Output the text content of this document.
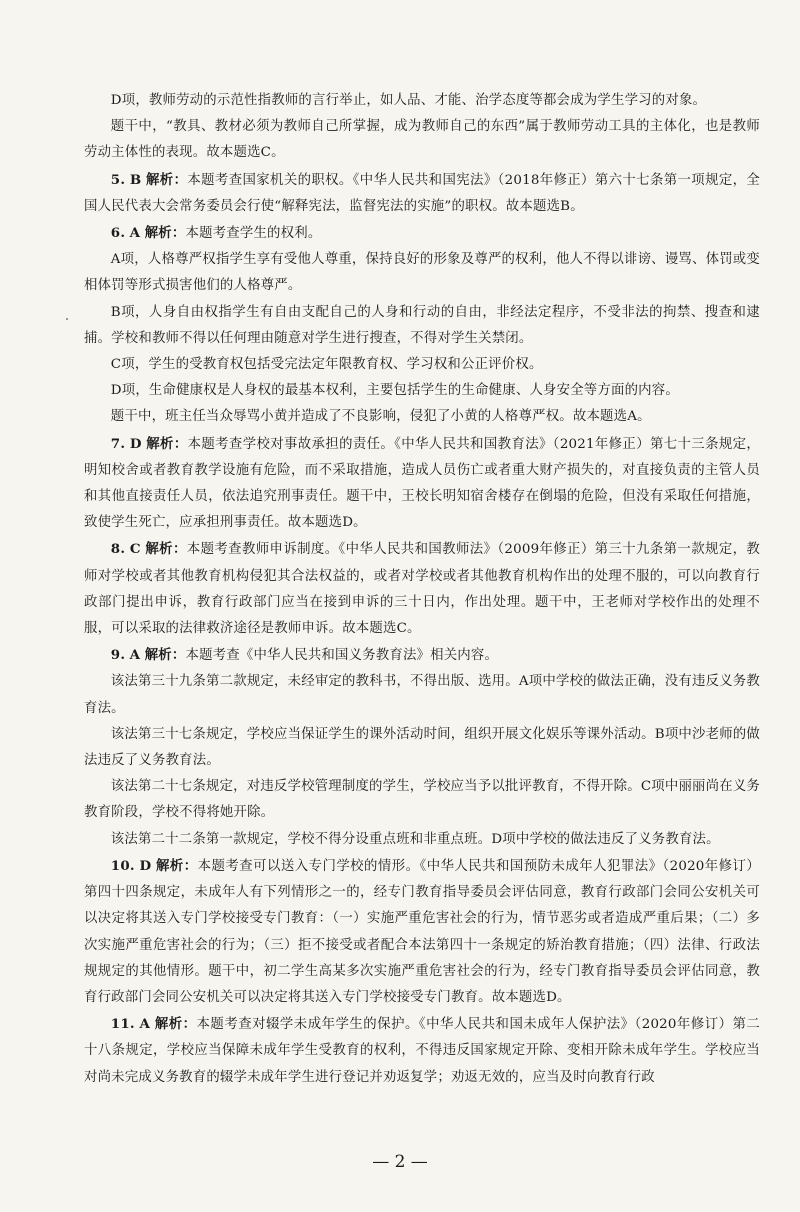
D项，教师劳动的示范性指教师的言行举止，如人品、才能、治学态度等都会成为学生学习的对象。

题干中，“教具、教材必须为教师自己所掌握，成为教师自己的东西”属于教师劳动工具的主体化，也是教师劳动主体性的表现。故本题选C。

5. B 解析：本题考查国家机关的职权。《中华人民共和国宪法》（2018年修正）第六十七条第一项规定，全国人民代表大会常务委员会行使“解释宪法，监督宪法的实施”的职权。故本题选B。

6. A 解析：本题考查学生的权利。

A项，人格尊严权指学生享有受他人尊重，保持良好的形象及尊严的权利，他人不得以诽谤、谩骂、体罚或变相体罚等形式损害他们的人格尊严。

B项，人身自由权指学生有自由支配自己的人身和行动的自由，非经法定程序，不受非法的拘禁、搜查和逮捕。学校和教师不得以任何理由随意对学生进行搜查，不得对学生关禁闭。

C项，学生的受教育权包括受完法定年限教育权、学习权和公正评价权。

D项，生命健康权是人身权的最基本权利，主要包括学生的生命健康、人身安全等方面的内容。

题干中，班主任当众辱骂小黄并造成了不良影响，侵犯了小黄的人格尊严权。故本题选A。

7. D 解析：本题考查学校对事故承担的责任。《中华人民共和国教育法》（2021年修正）第七十三条规定，明知校舍或者教育教学设施有危险，而不采取措施，造成人员伤亡或者重大财产损失的，对直接负责的主管人员和其他直接责任人员，依法追究刑事责任。题干中，王校长明知宿舍楼存在倒塌的危险，但没有采取任何措施，致使学生死亡，应承担刑事责任。故本题选D。

8. C 解析：本题考查教师申诉制度。《中华人民共和国教师法》（2009年修正）第三十九条第一款规定，教师对学校或者其他教育机构侵犯其合法权益的，或者对学校或者其他教育机构作出的处理不服的，可以向教育行政部门提出申诉，教育行政部门应当在接到申诉的三十日内，作出处理。题干中，王老师对学校作出的处理不服，可以采取的法律救济途径是教师申诉。故本题选C。

9. A 解析：本题考查《中华人民共和国义务教育法》相关内容。

该法第三十九条第二款规定，未经审定的教科书，不得出版、选用。A项中学校的做法正确，没有违反义务教育法。

该法第三十七条规定，学校应当保证学生的课外活动时间，组织开展文化娱乐等课外活动。B项中沙老师的做法违反了义务教育法。

该法第二十七条规定，对违反学校管理制度的学生，学校应当予以批评教育，不得开除。C项中丽丽尚在义务教育阶段，学校不得将她开除。

该法第二十二条第一款规定，学校不得分设重点班和非重点班。D项中学校的做法违反了义务教育法。

10. D 解析：本题考查可以送入专门学校的情形。《中华人民共和国预防未成年人犯罪法》（2020年修订）第四十四条规定，未成年人有下列情形之一的，经专门教育指导委员会评估同意，教育行政部门会同公安机关可以决定将其送入专门学校接受专门教育：（一）实施严重危害社会的行为，情节恶劣或者造成严重后果；（二）多次实施严重危害社会的行为；（三）拒不接受或者配合本法第四十一条规定的矫治教育措施；（四）法律、行政法规规定的其他情形。题干中，初二学生高某多次实施严重危害社会的行为，经专门教育指导委员会评估同意，教育行政部门会同公安机关可以决定将其送入专门学校接受专门教育。故本题选D。

11. A 解析：本题考查对辍学未成年学生的保护。《中华人民共和国未成年人保护法》（2020年修订）第二十八条规定，学校应当保障未成年学生受教育的权利，不得违反国家规定开除、变相开除未成年学生。学校应当对尚未完成义务教育的辍学未成年学生进行登记并劝返复学；劝返无效的，应当及时向教育行政

— 2 —
